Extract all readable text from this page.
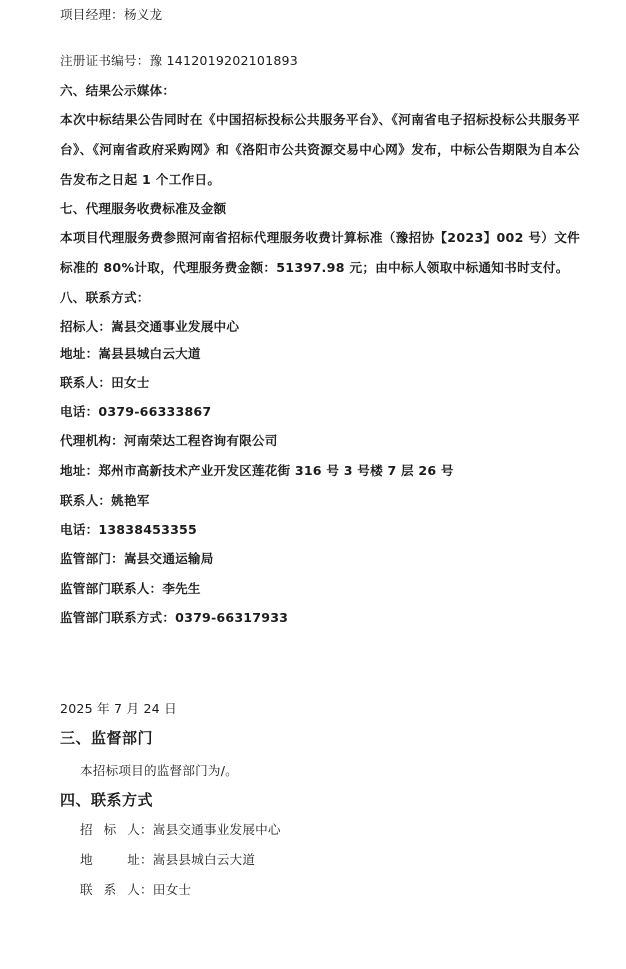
项目经理：杨义龙
注册证书编号：豫 1412019202101893
六、结果公示媒体：
本次中标结果公告同时在《中国招标投标公共服务平台》、《河南省电子招标投标公共服务平台》、《河南省政府采购网》和《洛阳市公共资源交易中心网》发布，中标公告期限为自本公告发布之日起 1 个工作日。
七、代理服务收费标准及金额
本项目代理服务费参照河南省招标代理服务收费计算标准（豫招协【2023】002 号）文件标准的 80%计取，代理服务费金额：51397.98 元；由中标人领取中标通知书时支付。
八、联系方式：
招标人：嵩县交通事业发展中心
地址：嵩县县城白云大道
联系人：田女士
电话：0379-66333867
代理机构：河南荣达工程咨询有限公司
地址：郑州市高新技术产业开发区莲花街 316 号 3 号楼 7 层 26 号
联系人：姚艳军
电话：13838453355
监管部门：嵩县交通运输局
监管部门联系人：李先生
监管部门联系方式：0379-66317933
2025 年 7 月 24 日
三、监督部门
本招标项目的监督部门为/。
四、联系方式
招 标 人：嵩县交通事业发展中心
地 址：嵩县县城白云大道
联 系 人：田女士
